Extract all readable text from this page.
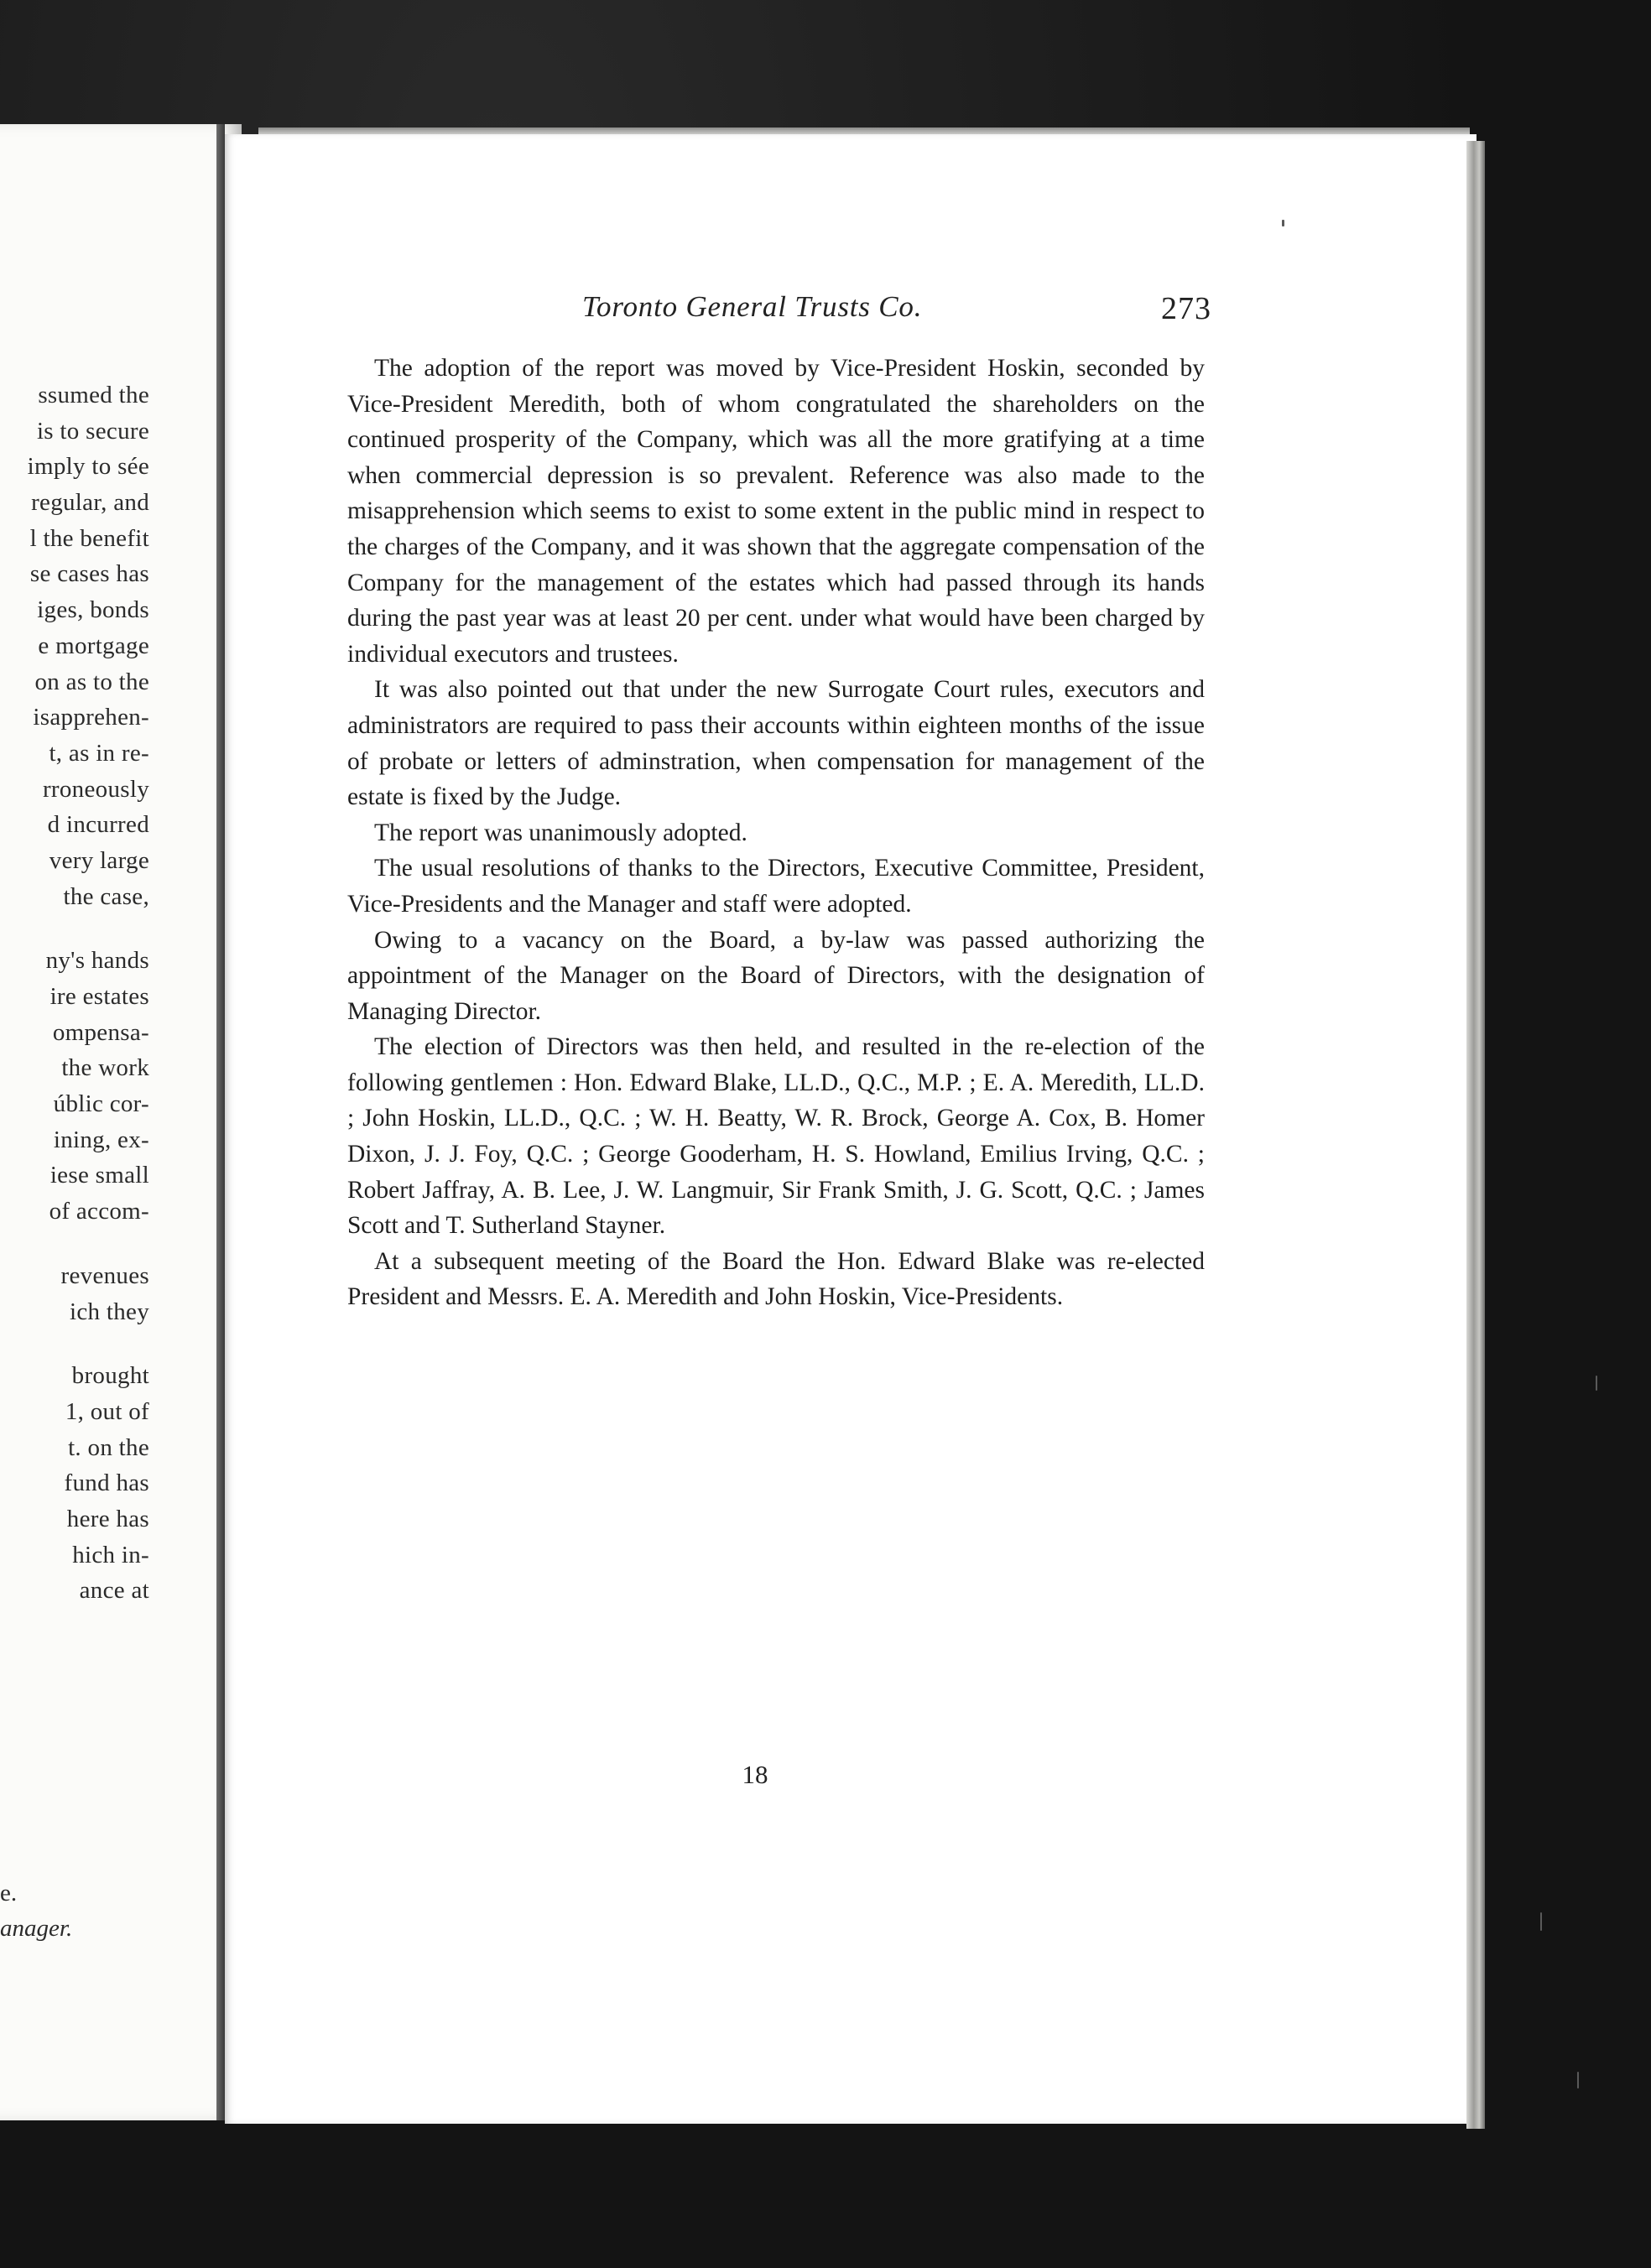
ssumed the
is to secure
imply to sée
regular, and
l the benefit
se cases has
iges, bonds
e mortgage
on as to the
isapprehen-
t, as in re-
rroneously
d incurred
very large
the case,
ny's hands
ire estates
ompensa-
the work
úblic cor-
ining, ex-
iese small
of accom-
revenues
ich they
brought
1, out of
t. on the
fund has
here has
hich in-
ance at
e.
anager.
Toronto General Trusts Co.	273

The adoption of the report was moved by Vice-President Hoskin, seconded by Vice-President Meredith, both of whom congratulated the shareholders on the continued prosperity of the Company, which was all the more gratifying at a time when commercial depression is so prevalent. Reference was also made to the misapprehension which seems to exist to some extent in the public mind in respect to the charges of the Company, and it was shown that the aggregate compensation of the Company for the management of the estates which had passed through its hands during the past year was at least 20 per cent. under what would have been charged by individual executors and trustees.

It was also pointed out that under the new Surrogate Court rules, executors and administrators are required to pass their accounts within eighteen months of the issue of probate or letters of adminstration, when compensation for management of the estate is fixed by the Judge.

The report was unanimously adopted.

The usual resolutions of thanks to the Directors, Executive Committee, President, Vice-Presidents and the Manager and staff were adopted.

Owing to a vacancy on the Board, a by-law was passed authorizing the appointment of the Manager on the Board of Directors, with the designation of Managing Director.

The election of Directors was then held, and resulted in the re-election of the following gentlemen : Hon. Edward Blake, LL.D., Q.C., M.P. ; E. A. Meredith, LL.D. ; John Hoskin, LL.D., Q.C. ; W. H. Beatty, W. R. Brock, George A. Cox, B. Homer Dixon, J. J. Foy, Q.C. ; George Gooderham, H. S. Howland, Emilius Irving, Q.C. ; Robert Jaffray, A. B. Lee, J. W. Langmuir, Sir Frank Smith, J. G. Scott, Q.C. ; James Scott and T. Sutherland Stayner.

At a subsequent meeting of the Board the Hon. Edward Blake was re-elected President and Messrs. E. A. Meredith and John Hoskin, Vice-Presidents.

18
